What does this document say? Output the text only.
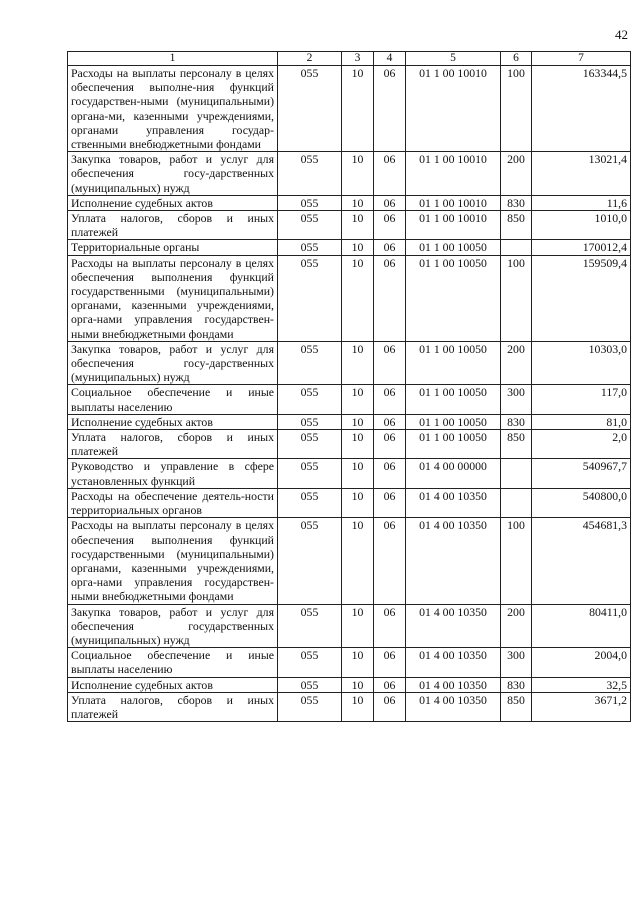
42
1	2	3	4	5	6	7
Расходы на выплаты персоналу в целях обеспечения выполне-ния функций государствен-ными (муниципальными) органа-ми, казенными учреждениями, органами управления государ-ственными внебюджетными фондами	055	10	06	01 1 00 10010	100	163344,5
Закупка товаров, работ и услуг для обеспечения госу-дарственных (муниципальных) нужд	055	10	06	01 1 00 10010	200	13021,4
Исполнение судебных актов	055	10	06	01 1 00 10010	830	11,6
Уплата налогов, сборов и иных платежей	055	10	06	01 1 00 10010	850	1010,0
Территориальные органы	055	10	06	01 1 00 10050		170012,4
Расходы на выплаты персоналу в целях обеспечения выполнения функций государственными (муниципальными) органами, казенными учреждениями, орга-нами управления государствен-ными внебюджетными фондами	055	10	06	01 1 00 10050	100	159509,4
Закупка товаров, работ и услуг для обеспечения госу-дарственных (муниципальных) нужд	055	10	06	01 1 00 10050	200	10303,0
Социальное обеспечение и иные выплаты населению	055	10	06	01 1 00 10050	300	117,0
Исполнение судебных актов	055	10	06	01 1 00 10050	830	81,0
Уплата налогов, сборов и иных платежей	055	10	06	01 1 00 10050	850	2,0
Руководство и управление в сфере установленных функций	055	10	06	01 4 00 00000		540967,7
Расходы на обеспечение деятель-ности территориальных органов	055	10	06	01 4 00 10350		540800,0
Расходы на выплаты персоналу в целях обеспечения выполнения функций государственными (муниципальными) органами, казенными учреждениями, орга-нами управления государствен-ными внебюджетными фондами	055	10	06	01 4 00 10350	100	454681,3
Закупка товаров, работ и услуг для обеспечения государственных (муниципальных) нужд	055	10	06	01 4 00 10350	200	80411,0
Социальное обеспечение и иные выплаты населению	055	10	06	01 4 00 10350	300	2004,0
Исполнение судебных актов	055	10	06	01 4 00 10350	830	32,5
Уплата налогов, сборов и иных платежей	055	10	06	01 4 00 10350	850	3671,2
